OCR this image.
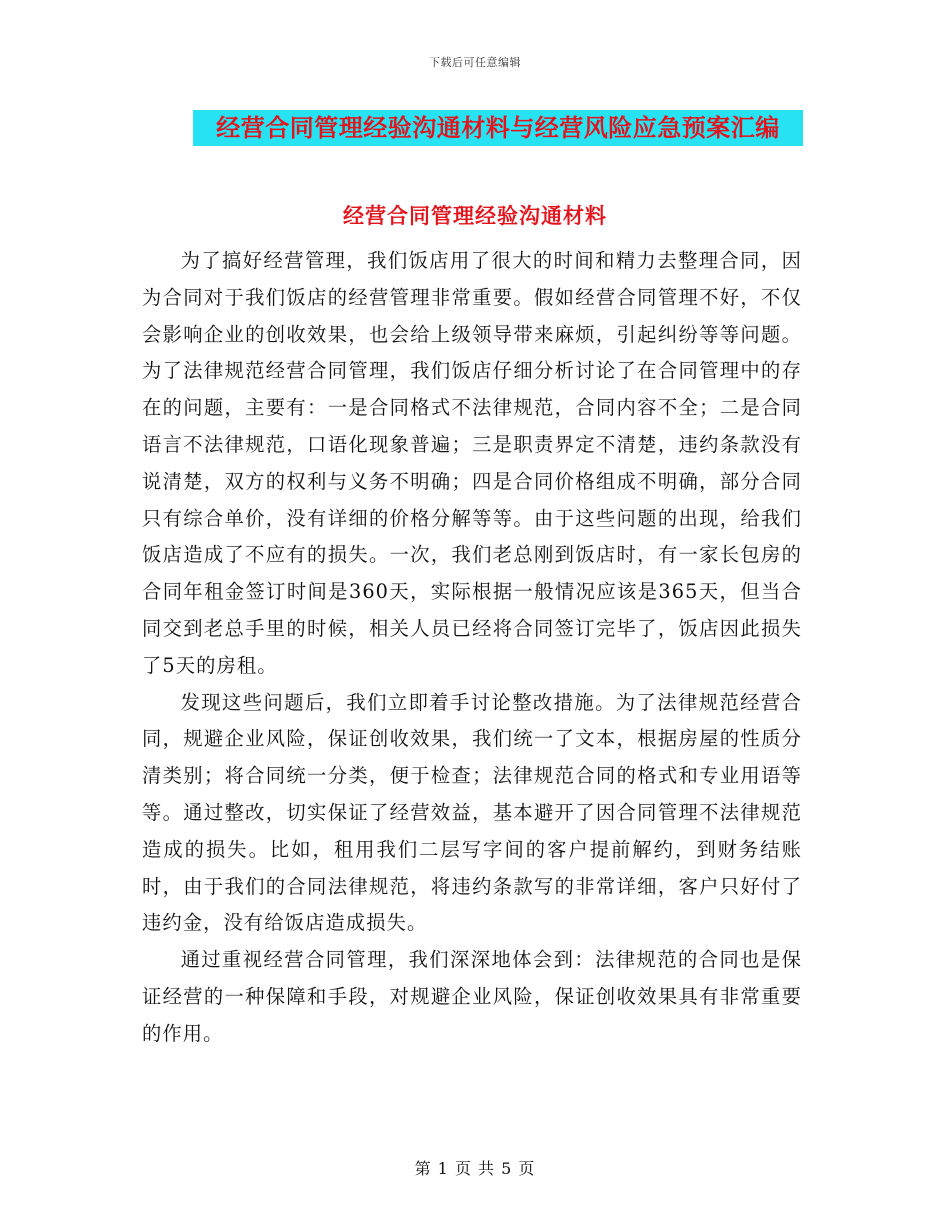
下载后可任意编辑
经营合同管理经验沟通材料与经营风险应急预案汇编
经营合同管理经验沟通材料

为了搞好经营管理，我们饭店用了很大的时间和精力去整理合同，因为合同对于我们饭店的经营管理非常重要。假如经营合同管理不好，不仅会影响企业的创收效果，也会给上级领导带来麻烦，引起纠纷等等问题。为了法律规范经营合同管理，我们饭店仔细分析讨论了在合同管理中的存在的问题，主要有：一是合同格式不法律规范，合同内容不全；二是合同语言不法律规范，口语化现象普遍；三是职责界定不清楚，违约条款没有说清楚，双方的权利与义务不明确；四是合同价格组成不明确，部分合同只有综合单价，没有详细的价格分解等等。由于这些问题的出现，给我们饭店造成了不应有的损失。一次，我们老总刚到饭店时，有一家长包房的合同年租金签订时间是360天，实际根据一般情况应该是365天，但当合同交到老总手里的时候，相关人员已经将合同签订完毕了，饭店因此损失了5天的房租。

发现这些问题后，我们立即着手讨论整改措施。为了法律规范经营合同，规避企业风险，保证创收效果，我们统一了文本，根据房屋的性质分清类别；将合同统一分类，便于检查；法律规范合同的格式和专业用语等等。通过整改，切实保证了经营效益，基本避开了因合同管理不法律规范造成的损失。比如，租用我们二层写字间的客户提前解约，到财务结账时，由于我们的合同法律规范，将违约条款写的非常详细，客户只好付了违约金，没有给饭店造成损失。

通过重视经营合同管理，我们深深地体会到：法律规范的合同也是保证经营的一种保障和手段，对规避企业风险，保证创收效果具有非常重要的作用。

第 1 页 共 5 页
